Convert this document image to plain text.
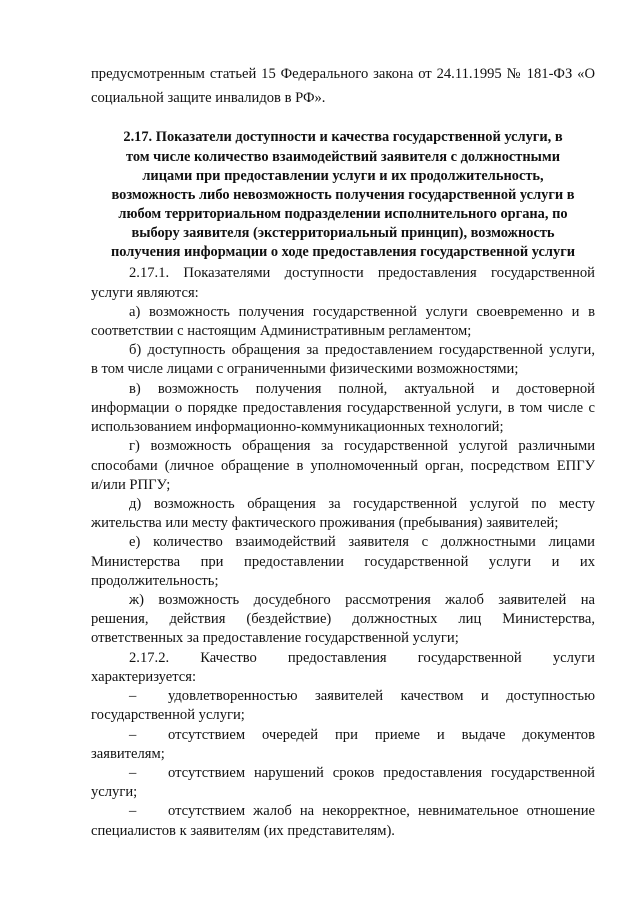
предусмотренным статьей 15 Федерального закона от 24.11.1995 № 181-ФЗ «О
социальной защите инвалидов в РФ».
2.17. Показатели доступности и качества государственной услуги, в
том числе количество взаимодействий заявителя с должностными
лицами при предоставлении услуги и их продолжительность,
возможность либо невозможность получения государственной услуги в
любом территориальном подразделении исполнительного органа, по
выбору заявителя (экстерриториальный принцип), возможность
получения информации о ходе предоставления государственной услуги
2.17.1. Показателями доступности предоставления государственной
услуги являются:
а) возможность получения государственной услуги своевременно и в
соответствии с настоящим Административным регламентом;
б) доступность обращения за предоставлением государственной услуги,
в том числе лицами с ограниченными физическими возможностями;
в) возможность получения полной, актуальной и достоверной
информации о порядке предоставления государственной услуги, в том числе с
использованием информационно-коммуникационных технологий;
г) возможность обращения за государственной услугой различными
способами (личное обращение в уполномоченный орган, посредством ЕПГУ
и/или РПГУ;
д) возможность обращения за государственной услугой по месту
жительства или месту фактического проживания (пребывания) заявителей;
е) количество взаимодействий заявителя с должностными лицами
Министерства при предоставлении государственной услуги и их
продолжительность;
ж) возможность досудебного рассмотрения жалоб заявителей на
решения, действия (бездействие) должностных лиц Министерства,
ответственных за предоставление государственной услуги;
2.17.2. Качество предоставления государственной услуги
характеризуется:
–	удовлетворенностью заявителей качеством и доступностью
государственной услуги;
–	отсутствием очередей при приеме и выдаче документов
заявителям;
–	отсутствием нарушений сроков предоставления государственной
услуги;
–	отсутствием жалоб на некорректное, невнимательное отношение
специалистов к заявителям (их представителям).
